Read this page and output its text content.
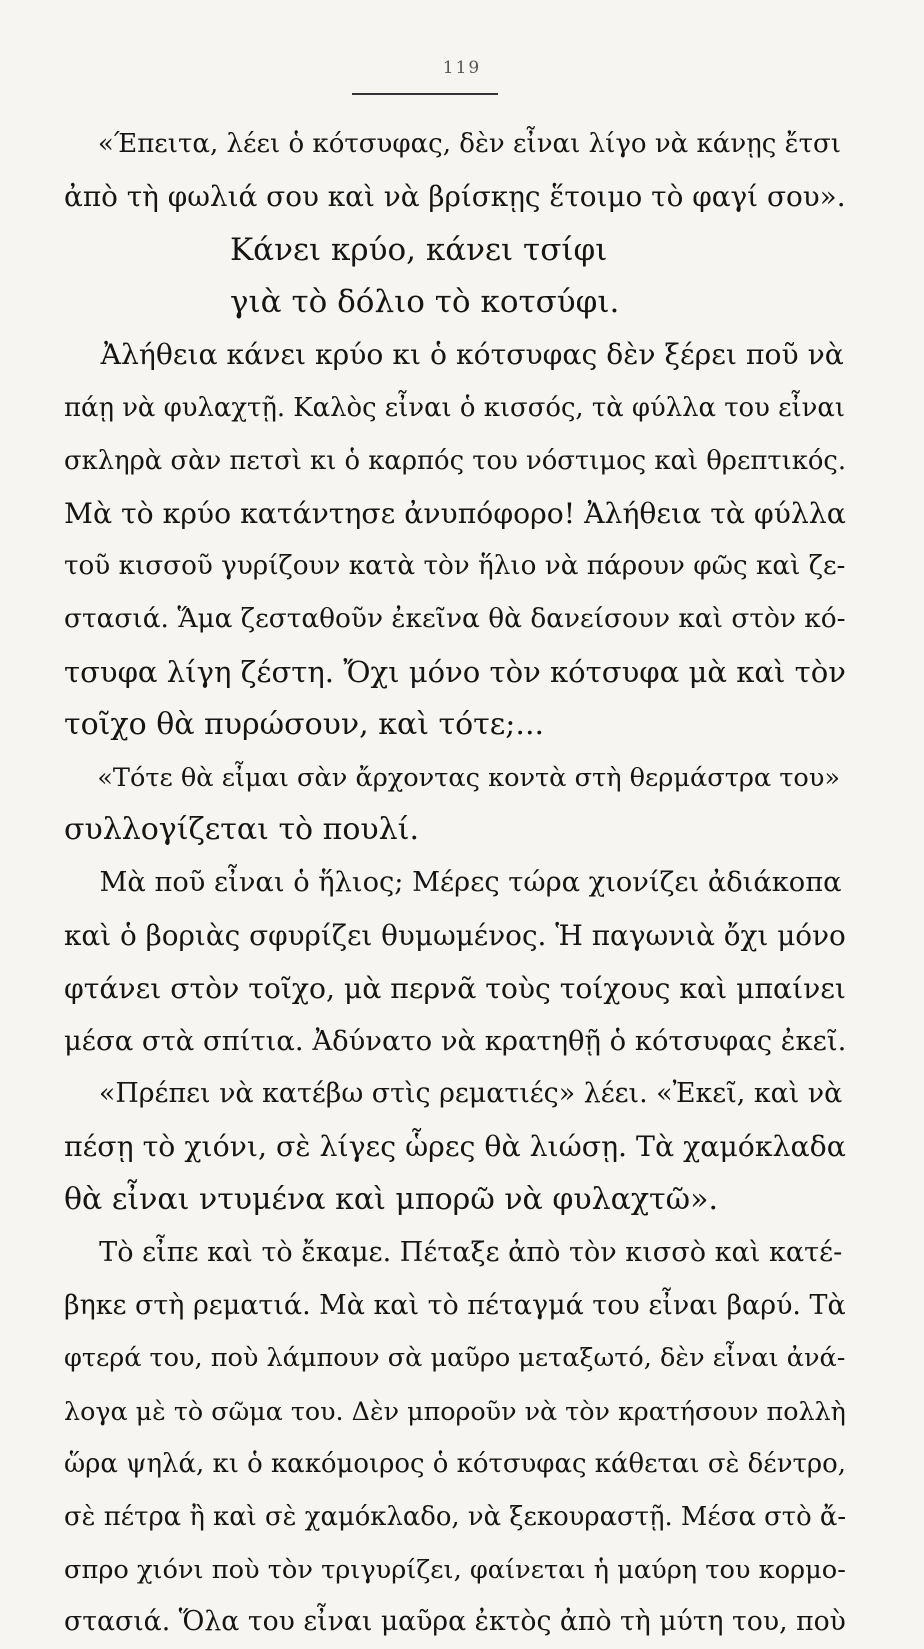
119
«Έπειτα, λέει ὁ κότσυφας, δὲν εἶναι λίγο νὰ κάνῃς ἔτσι
ἀπὸ τὴ φωλιά σου καὶ νὰ βρίσκῃς ἕτοιμο τὸ φαγί σου».
Κάνει κρύο, κάνει τσίφι
γιὰ τὸ δόλιο τὸ κοτσύφι.
Ἀλήθεια κάνει κρύο κι ὁ κότσυφας δὲν ξέρει ποῦ νὰ
πάῃ νὰ φυλαχτῇ. Καλὸς εἶναι ὁ κισσός, τὰ φύλλα του εἶναι
σκληρὰ σὰν πετσὶ κι ὁ καρπός του νόστιμος καὶ θρεπτικός.
Μὰ τὸ κρύο κατάντησε ἀνυπόφορο! Ἀλήθεια τὰ φύλλα
τοῦ κισσοῦ γυρίζουν κατὰ τὸν ἥλιο νὰ πάρουν φῶς καὶ ζε-
στασιά. Ἅμα ζεσταθοῦν ἐκεῖνα θὰ δανείσουν καὶ στὸν κό-
τσυφα λίγη ζέστη. Ὄχι μόνο τὸν κότσυφα μὰ καὶ τὸν
τοῖχο θὰ πυρώσουν, καὶ τότε;...
«Τότε θὰ εἶμαι σὰν ἄρχοντας κοντὰ στὴ θερμάστρα του»
συλλογίζεται τὸ πουλί.
Μὰ ποῦ εἶναι ὁ ἥλιος; Μέρες τώρα χιονίζει ἀδιάκοπα
καὶ ὁ βοριὰς σφυρίζει θυμωμένος. Ἡ παγωνιὰ ὄχι μόνο
φτάνει στὸν τοῖχο, μὰ περνᾶ τοὺς τοίχους καὶ μπαίνει
μέσα στὰ σπίτια. Ἀδύνατο νὰ κρατηθῇ ὁ κότσυφας ἐκεῖ.
«Πρέπει νὰ κατέβω στὶς ρεματιές» λέει. «Ἐκεῖ, καὶ νὰ
πέσῃ τὸ χιόνι, σὲ λίγες ὧρες θὰ λιώσῃ. Τὰ χαμόκλαδα
θὰ εἶναι ντυμένα καὶ μπορῶ νὰ φυλαχτῶ».
Τὸ εἶπε καὶ τὸ ἔκαμε. Πέταξε ἀπὸ τὸν κισσὸ καὶ κατέ-
βηκε στὴ ρεματιά. Μὰ καὶ τὸ πέταγμά του εἶναι βαρύ. Τὰ
φτερά του, ποὺ λάμπουν σὰ μαῦρο μεταξωτό, δὲν εἶναι ἀνά-
λογα μὲ τὸ σῶμα του. Δὲν μποροῦν νὰ τὸν κρατήσουν πολλὴ
ὥρα ψηλά, κι ὁ κακόμοιρος ὁ κότσυφας κάθεται σὲ δέντρο,
σὲ πέτρα ἢ καὶ σὲ χαμόκλαδο, νὰ ξεκουραστῇ. Μέσα στὸ ἄ-
σπρο χιόνι ποὺ τὸν τριγυρίζει, φαίνεται ἡ μαύρη του κορμο-
στασιά. Ὅλα του εἶναι μαῦρα ἐκτὸς ἀπὸ τὴ μύτη του, ποὺ
